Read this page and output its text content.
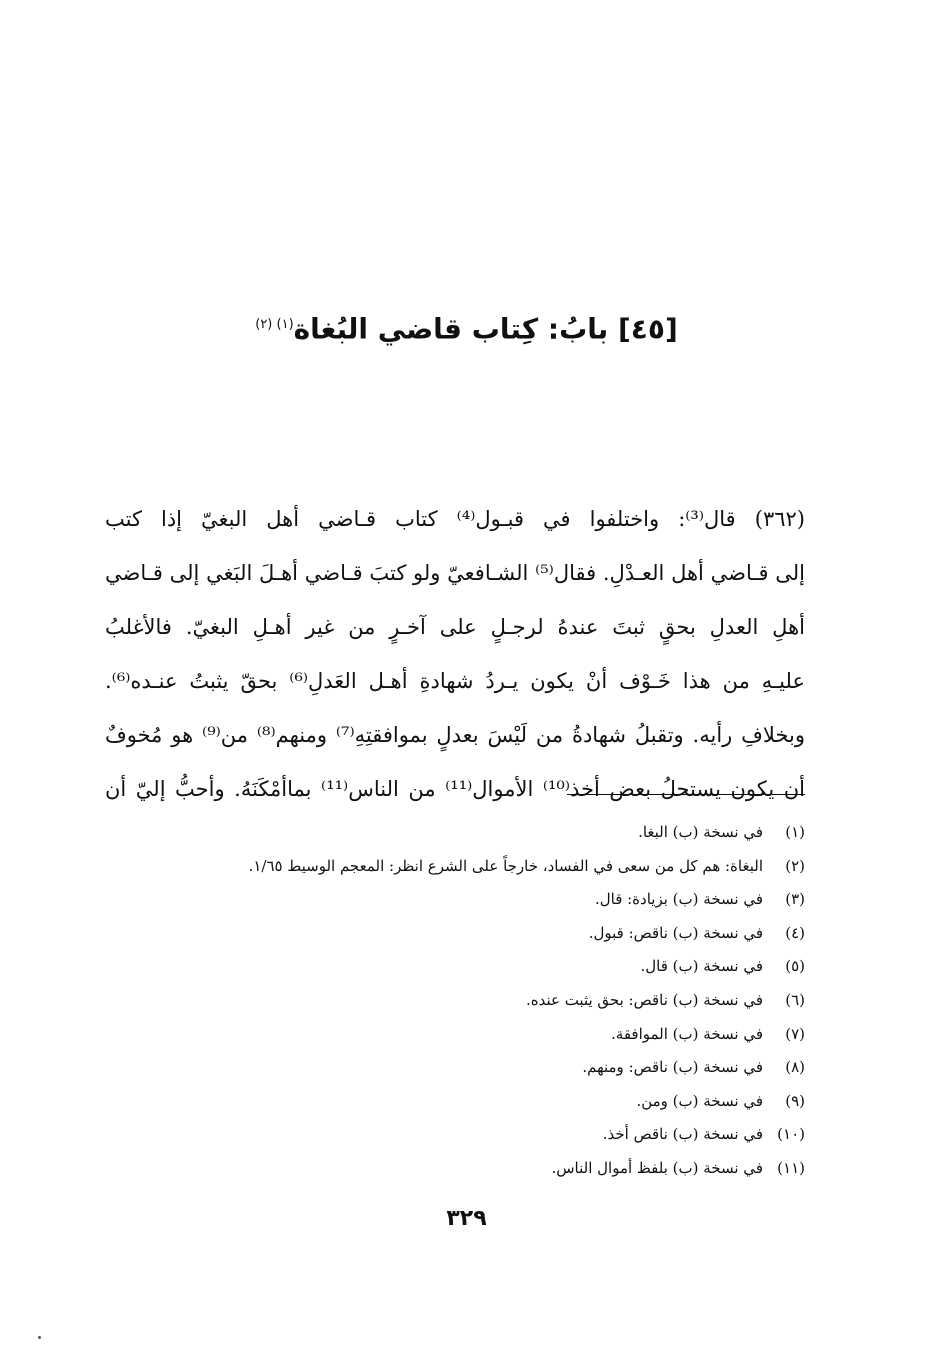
[٤٥] بابُ: كِتاب قاضي البُغاة$^{(١) (٢)}$
(٣٦٢) قال⁽³⁾: واختلفوا في قبـول⁽⁴⁾ كتاب قـاضي أهل البغيّ إذا كتب
إلى قـاضي أهل العـدْلِ. فقال⁽⁵⁾ الشـافعيّ ولو كتبَ قـاضي أهـلَ البَغي إلى قـاضي
أهلِ العدلِ بحقٍ ثبتَ عندهُ لرجـلٍ على آخـرٍ من غير أهـلِ البغيّ. فالأغلبُ
عليـهِ من هذا خَـوْف أنْ يكون يـردُ شهادةِ أهـل العَدلِ⁽⁶⁾ بحقّ يثبتُ عنـده⁽⁶⁾.
وبخلافِ رأيه. وتقبلُ شهادةُ من لَيْسَ بعدلٍ بموافقتِهِ⁽⁷⁾ ومنهم⁽⁸⁾ من⁽⁹⁾ هو مُخوفٌ
أن يكون يستحلُ بعض أخذ⁽¹⁰⁾ الأموال⁽¹¹⁾ من الناس⁽¹¹⁾ بماأمْكَنَهُ. وأحبُّ إليّ أن
(١)
في نسخة (ب) البغا.
(٢)
البغاة: هم كل من سعى في الفساد، خارجاً على الشرع انظر: المعجم الوسيط ١/٦٥.
(٣)
في نسخة (ب) بزيادة: قال.
(٤)
في نسخة (ب) ناقص: قبول.
(٥)
في نسخة (ب) قال.
(٦)
في نسخة (ب) ناقص: بحق يثبت عنده.
(٧)
في نسخة (ب) الموافقة.
(٨)
في نسخة (ب) ناقص: ومنهم.
(٩)
في نسخة (ب) ومن.
(١٠)
في نسخة (ب) ناقص أخذ.
(١١)
في نسخة (ب) بلفظ أموال الناس.
٣٢٩
